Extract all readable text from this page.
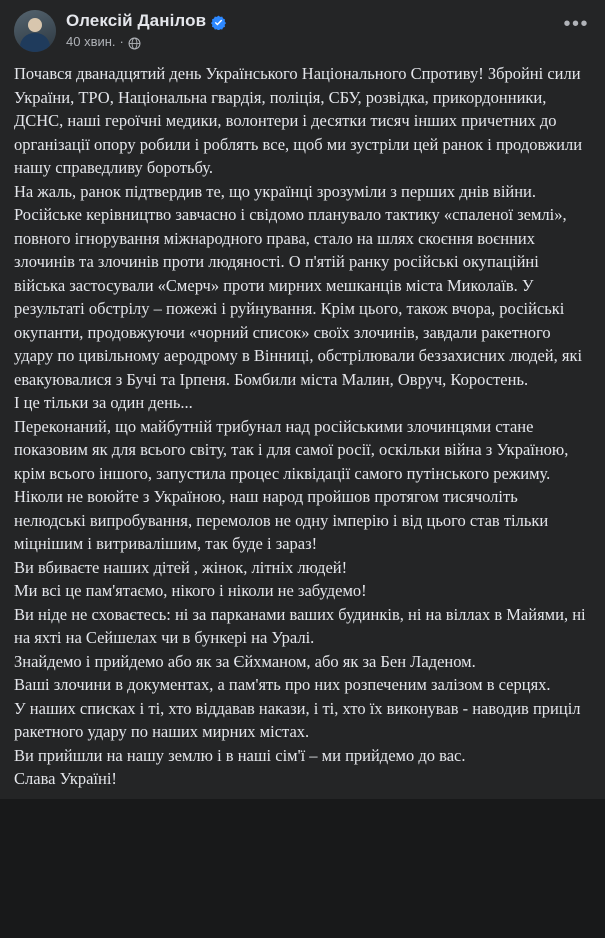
Олексій Данілов
40 хвин. ·
•••

Почався дванадцятий день Українського Національного Спротиву! Збройні сили України, ТРО, Національна гвардія, поліція, СБУ, розвідка, прикордонники, ДСНС, наші героїчні медики, волонтери і десятки тисяч інших причетних до організації опору робили і роблять все, щоб ми зустріли цей ранок і продовжили нашу справедливу боротьбу.

На жаль, ранок підтвердив те, що українці зрозуміли з перших днів війни. Російське керівництво завчасно і свідомо планувало тактику «спаленої землі», повного ігнорування міжнародного права, стало на шлях скоєння воєнних злочинів та злочинів проти людяності. О п'ятій ранку російські окупаційні війська застосували «Смерч» проти мирних мешканців міста Миколаїв. У результаті обстрілу – пожежі і руйнування. Крім цього, також вчора, російські окупанти, продовжуючи «чорний список» своїх злочинів, завдали ракетного удару по цивільному аеродрому в Вінниці, обстрілювали беззахисних людей, які евакуювалися з Бучі та Ірпеня. Бомбили міста Малин, Овруч, Коростень.

І це тільки за один день...

Переконаний, що майбутній трибунал над російськими злочинцями стане показовим як для всього світу, так і для самої росії, оскільки війна з Україною, крім всього іншого, запустила процес ліквідації самого путінського режиму.

Ніколи не воюйте з Україною, наш народ пройшов протягом тисячоліть нелюдські випробування, перемолов не одну імперію і від цього став тільки міцнішим і витривалішим, так буде і зараз!

Ви вбиваєте наших дітей , жінок, літніх людей!

Ми всі це пам'ятаємо, нікого і ніколи не забудемо!

Ви ніде не сховаєтесь: ні за парканами ваших будинків, ні на віллах в Майями, ні на яхті на Сейшелах чи в бункері на Уралі.

Знайдемо і прийдемо або як за Єйхманом, або як за Бен Ладеном.

Ваші злочини в документах, а пам'ять про них розпеченим залізом в серцях.

У наших списках і ті, хто віддавав накази, і ті, хто їх виконував - наводив приціл ракетного удару по наших мирних містах.

Ви прийшли на нашу землю і в наші сім'ї – ми прийдемо до вас.

Слава Україні!
